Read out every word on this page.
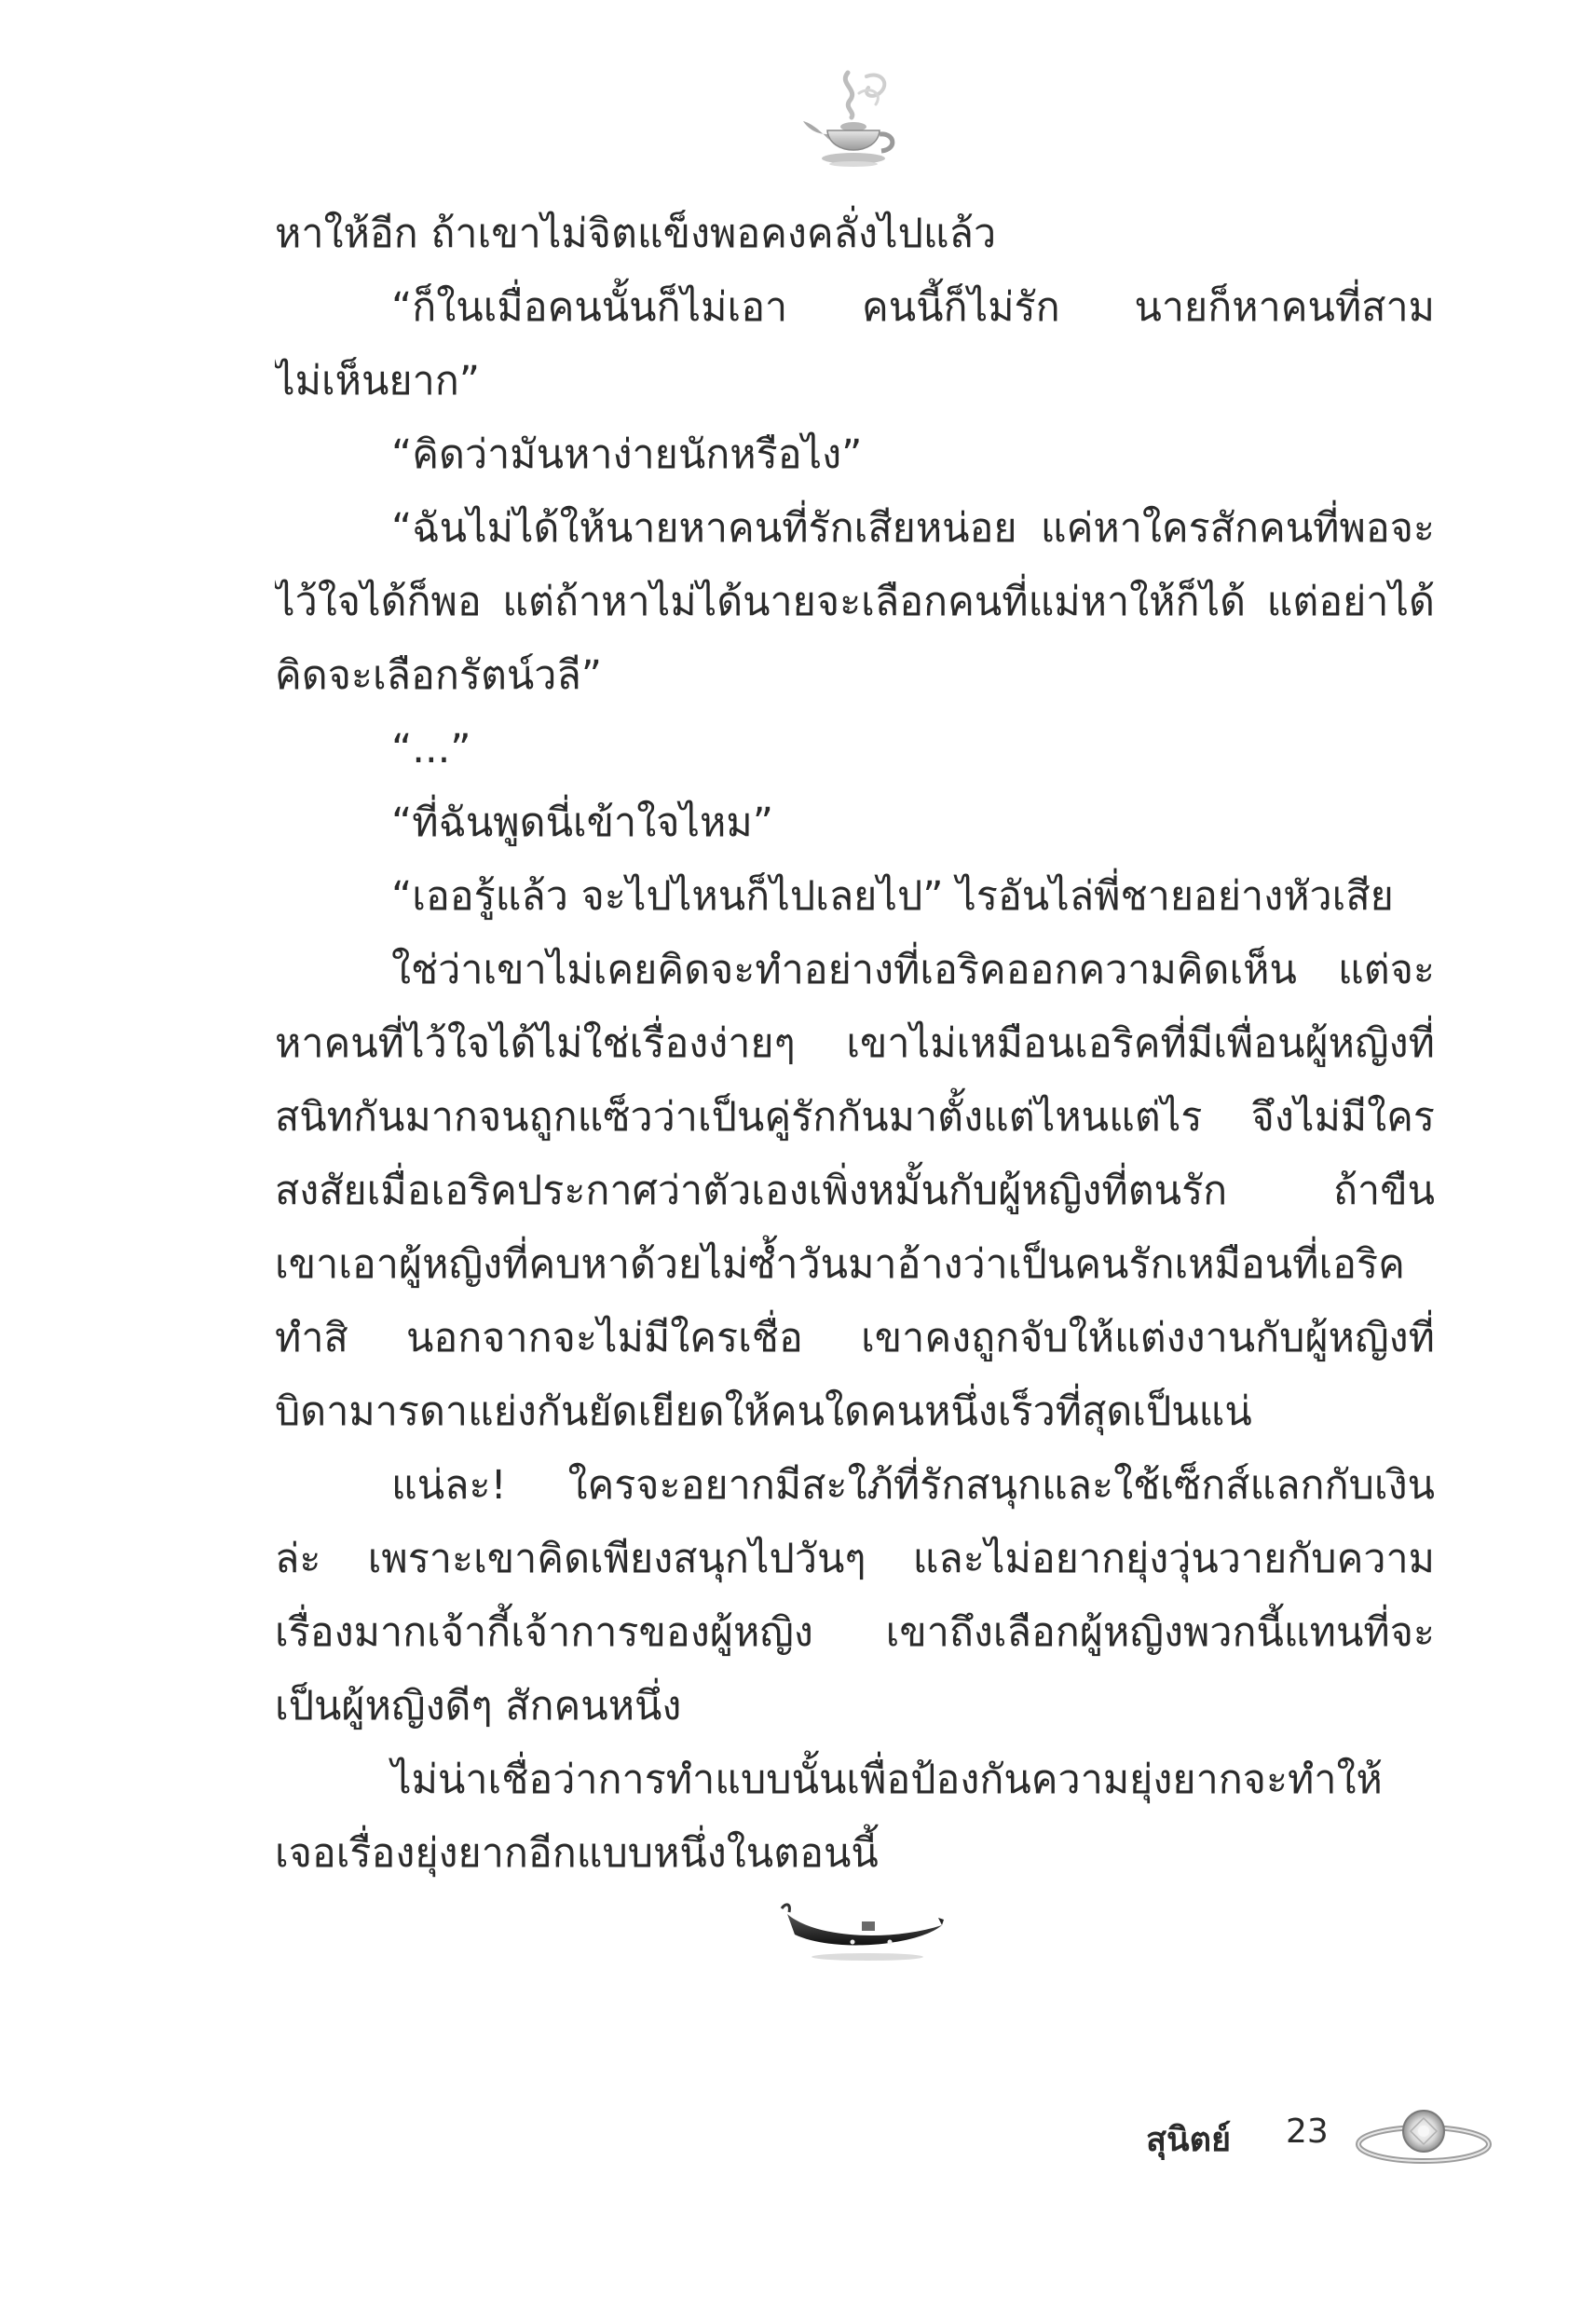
หาให้อีก ถ้าเขาไม่จิตแข็งพอคงคลั่งไปแล้ว
“ก็ในเมื่อคนนั้นก็ไม่เอา คนนี้ก็ไม่รัก นายก็หาคนที่สาม
ไม่เห็นยาก”
“คิดว่ามันหาง่ายนักหรือไง”
“ฉันไม่ได้ให้นายหาคนที่รักเสียหน่อย แค่หาใครสักคนที่พอจะ
ไว้ใจได้ก็พอ แต่ถ้าหาไม่ได้นายจะเลือกคนที่แม่หาให้ก็ได้ แต่อย่าได้
คิดจะเลือกรัตน์วลี”
“...”
“ที่ฉันพูดนี่เข้าใจไหม”
“เออรู้แล้ว จะไปไหนก็ไปเลยไป” ไรอันไล่พี่ชายอย่างหัวเสีย
ใช่ว่าเขาไม่เคยคิดจะทำอย่างที่เอริคออกความคิดเห็น แต่จะ
หาคนที่ไว้ใจได้ไม่ใช่เรื่องง่ายๆ เขาไม่เหมือนเอริคที่มีเพื่อนผู้หญิงที่
สนิทกันมากจนถูกแซ็วว่าเป็นคู่รักกันมาตั้งแต่ไหนแต่ไร จึงไม่มีใคร
สงสัยเมื่อเอริคประกาศว่าตัวเองเพิ่งหมั้นกับผู้หญิงที่ตนรัก ถ้าขืน
เขาเอาผู้หญิงที่คบหาด้วยไม่ซ้ำวันมาอ้างว่าเป็นคนรักเหมือนที่เอริค
ทำสิ นอกจากจะไม่มีใครเชื่อ เขาคงถูกจับให้แต่งงานกับผู้หญิงที่
บิดามารดาแย่งกันยัดเยียดให้คนใดคนหนึ่งเร็วที่สุดเป็นแน่
แน่ละ! ใครจะอยากมีสะใภ้ที่รักสนุกและใช้เซ็กส์แลกกับเงิน
ล่ะ เพราะเขาคิดเพียงสนุกไปวันๆ และไม่อยากยุ่งวุ่นวายกับความ
เรื่องมากเจ้ากี้เจ้าการของผู้หญิง เขาถึงเลือกผู้หญิงพวกนี้แทนที่จะ
เป็นผู้หญิงดีๆ สักคนหนึ่ง
ไม่น่าเชื่อว่าการทำแบบนั้นเพื่อป้องกันความยุ่งยากจะทำให้
เจอเรื่องยุ่งยากอีกแบบหนึ่งในตอนนี้
สุนิตย์ 23
